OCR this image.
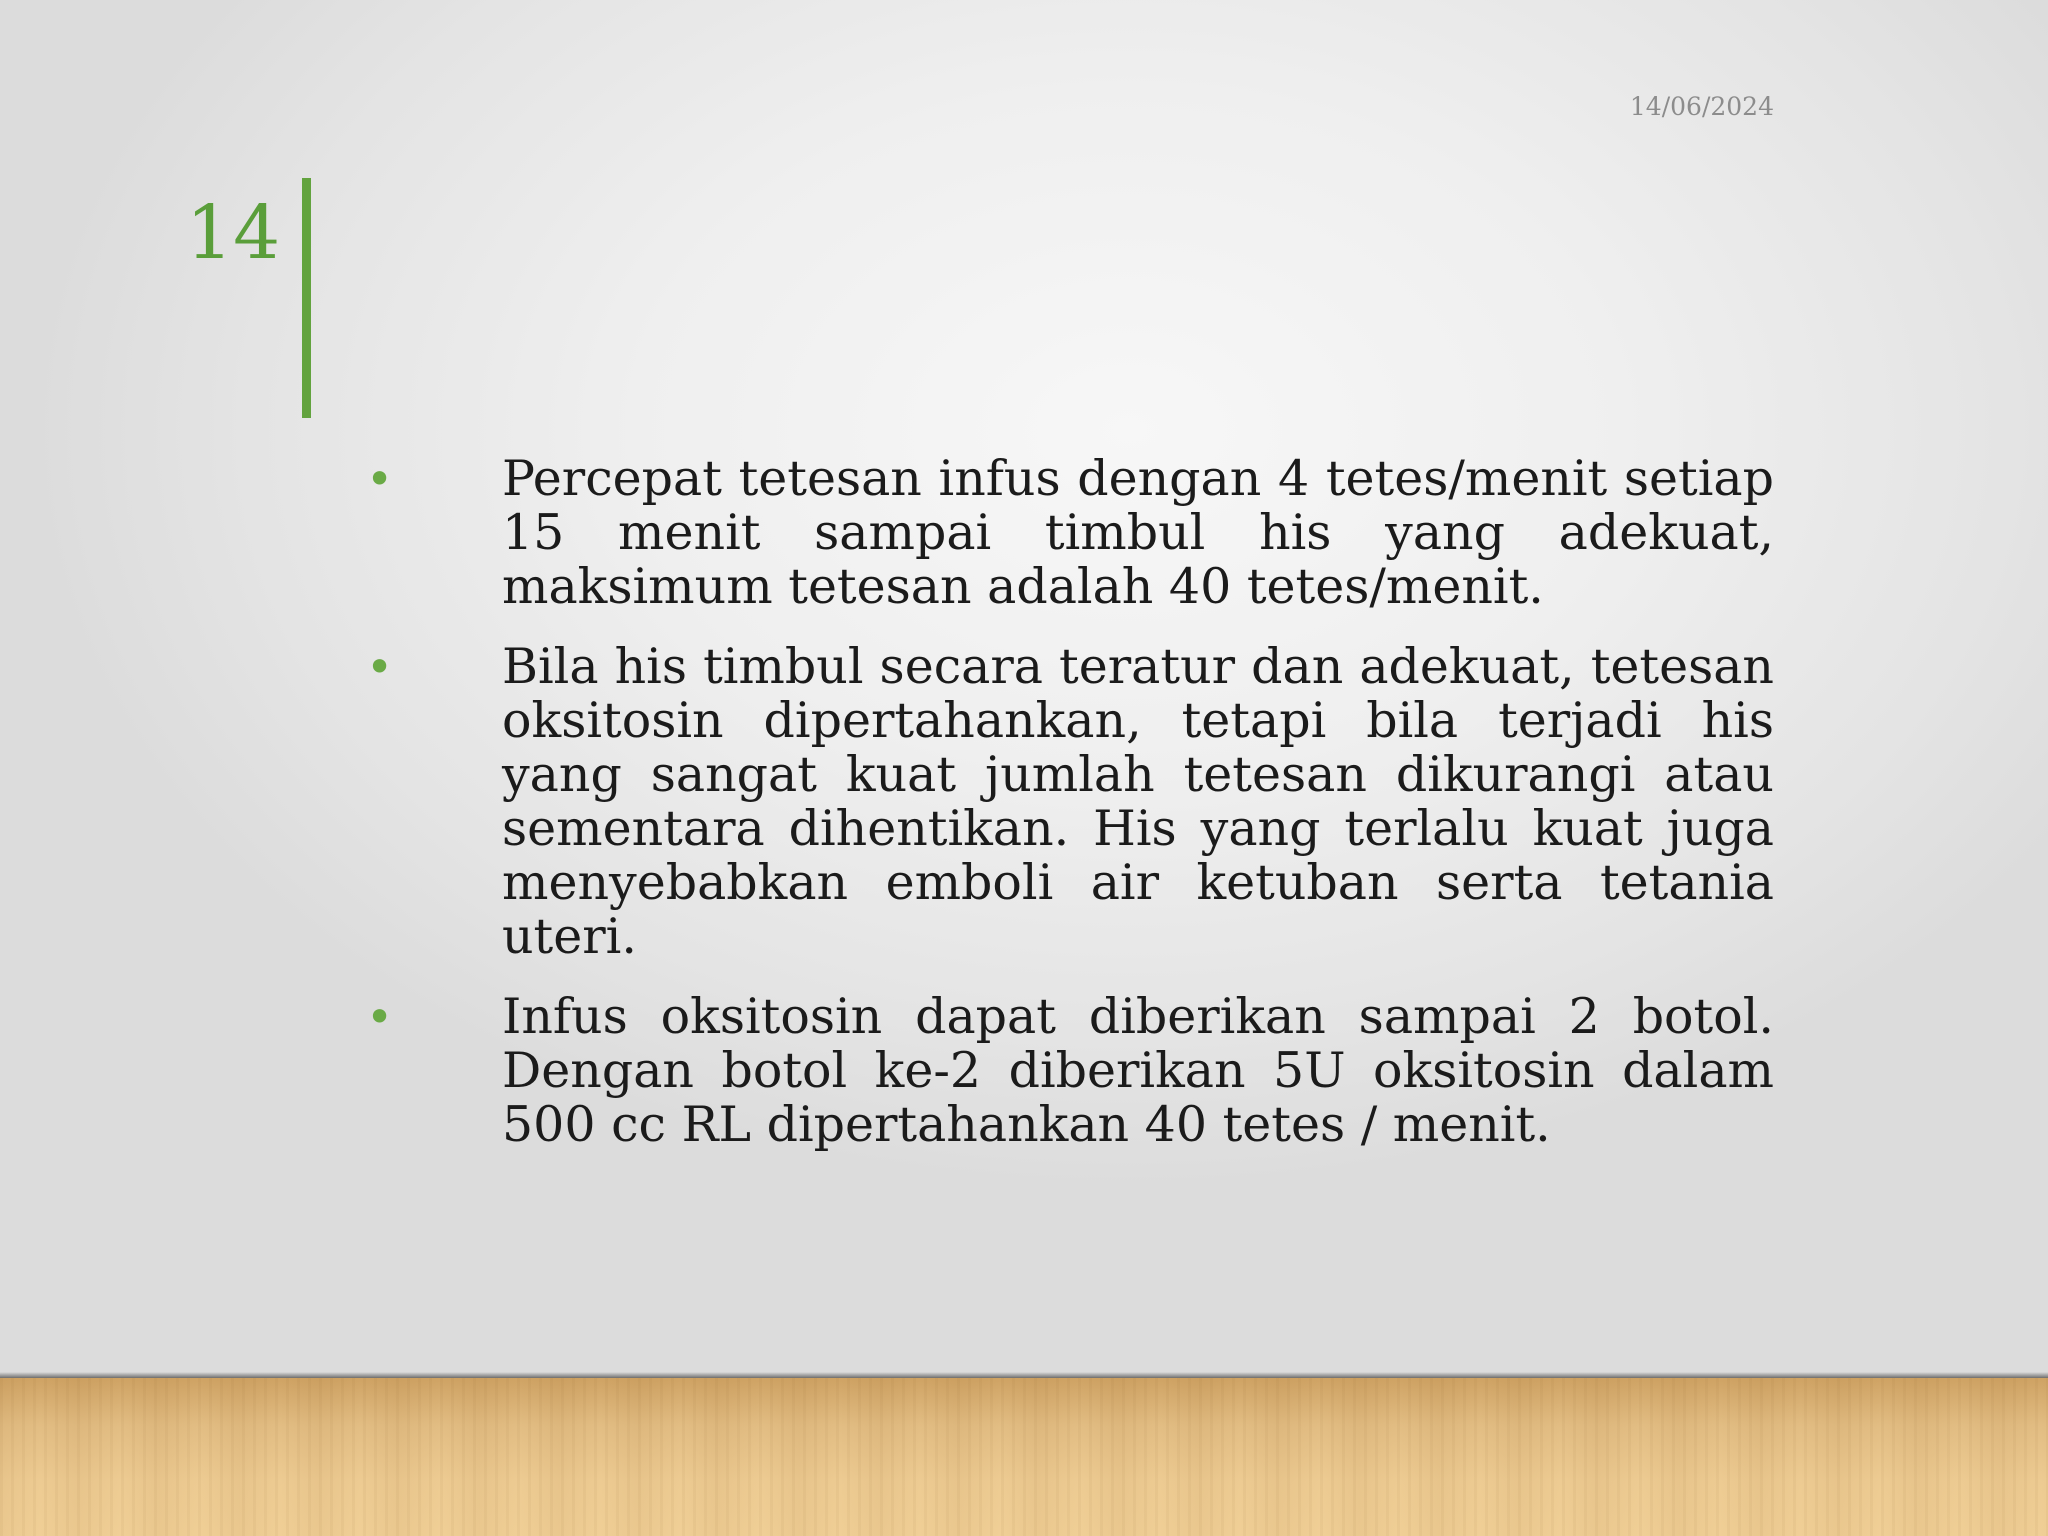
14/06/2024
14
• Percepat tetesan infus dengan 4 tetes/menit setiap 15 menit sampai timbul his yang adekuat, maksimum tetesan adalah 40 tetes/menit.
• Bila his timbul secara teratur dan adekuat, tetesan oksitosin dipertahankan, tetapi bila terjadi his yang sangat kuat jumlah tetesan dikurangi atau sementara dihentikan. His yang terlalu kuat juga menyebabkan emboli air ketuban serta tetania uteri.
• Infus oksitosin dapat diberikan sampai 2 botol. Dengan botol ke-2 diberikan 5U oksitosin dalam 500 cc RL dipertahankan 40 tetes / menit.
